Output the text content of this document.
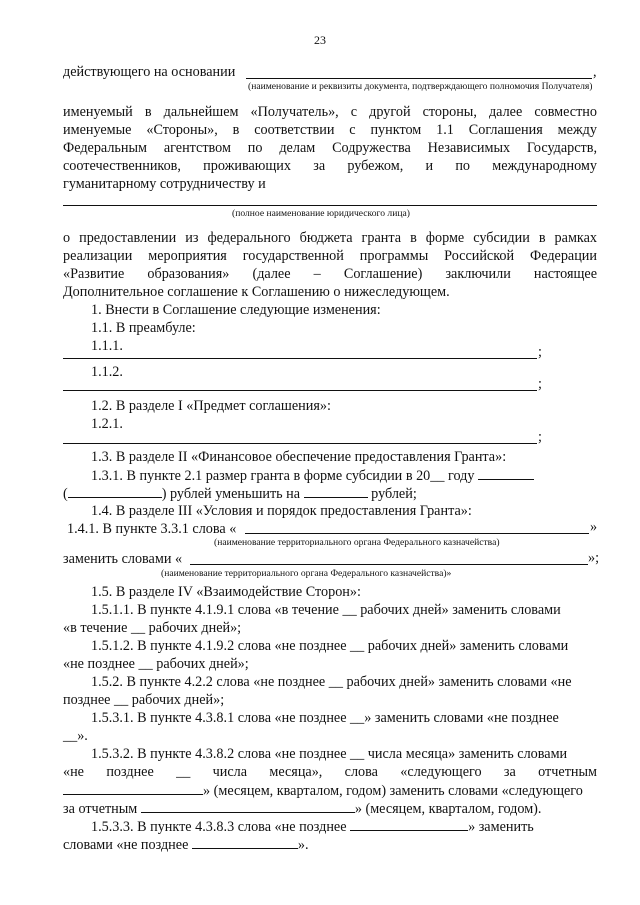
23
действующего на основании	,
(наименование и реквизиты документа, подтверждающего полномочия Получателя)
именуемый в дальнейшем «Получатель», с другой стороны, далее совместно
именуемые «Стороны», в соответствии с пунктом 1.1 Соглашения между
Федеральным агентством по делам Содружества Независимых Государств,
соотечественников, проживающих за рубежом, и по международному
гуманитарному сотрудничеству и
(полное наименование юридического лица)
о предоставлении из федерального бюджета гранта в форме субсидии в рамках
реализации мероприятия государственной программы Российской Федерации
«Развитие образования» (далее – Соглашение) заключили настоящее
Дополнительное соглашение к Соглашению о нижеследующем.
1. Внести в Соглашение следующие изменения:
1.1. В преамбуле:
1.1.1.	;
1.1.2.
;
1.2. В разделе I «Предмет соглашения»:
1.2.1.
;
1.3. В разделе II «Финансовое обеспечение предоставления Гранта»:
1.3.1. В пункте 2.1 размер гранта в форме субсидии в 20__ году
(	) рублей уменьшить на	рублей;
1.4. В разделе III «Условия и порядок предоставления Гранта»:
1.4.1. В пункте 3.3.1 слова «	»
(наименование территориального органа Федерального казначейства)
заменить словами «	»;
(наименование территориального органа Федерального казначейства)»
1.5. В разделе IV «Взаимодействие Сторон»:
1.5.1.1. В пункте 4.1.9.1 слова «в течение __ рабочих дней» заменить словами
«в течение __ рабочих дней»;
1.5.1.2. В пункте 4.1.9.2 слова «не позднее __ рабочих дней» заменить словами
«не позднее __ рабочих дней»;
1.5.2. В пункте 4.2.2 слова «не позднее __ рабочих дней» заменить словами «не
позднее __ рабочих дней»;
1.5.3.1. В пункте 4.3.8.1 слова «не позднее __» заменить словами «не позднее
__».
1.5.3.2. В пункте 4.3.8.2 слова «не позднее __ числа месяца» заменить словами
«не позднее __ числа месяца», слова «следующего за отчетным
» (месяцем, кварталом, годом) заменить словами «следующего
за отчетным	» (месяцем, кварталом, годом).
1.5.3.3. В пункте 4.3.8.3 слова «не позднее	» заменить
словами «не позднее	».
